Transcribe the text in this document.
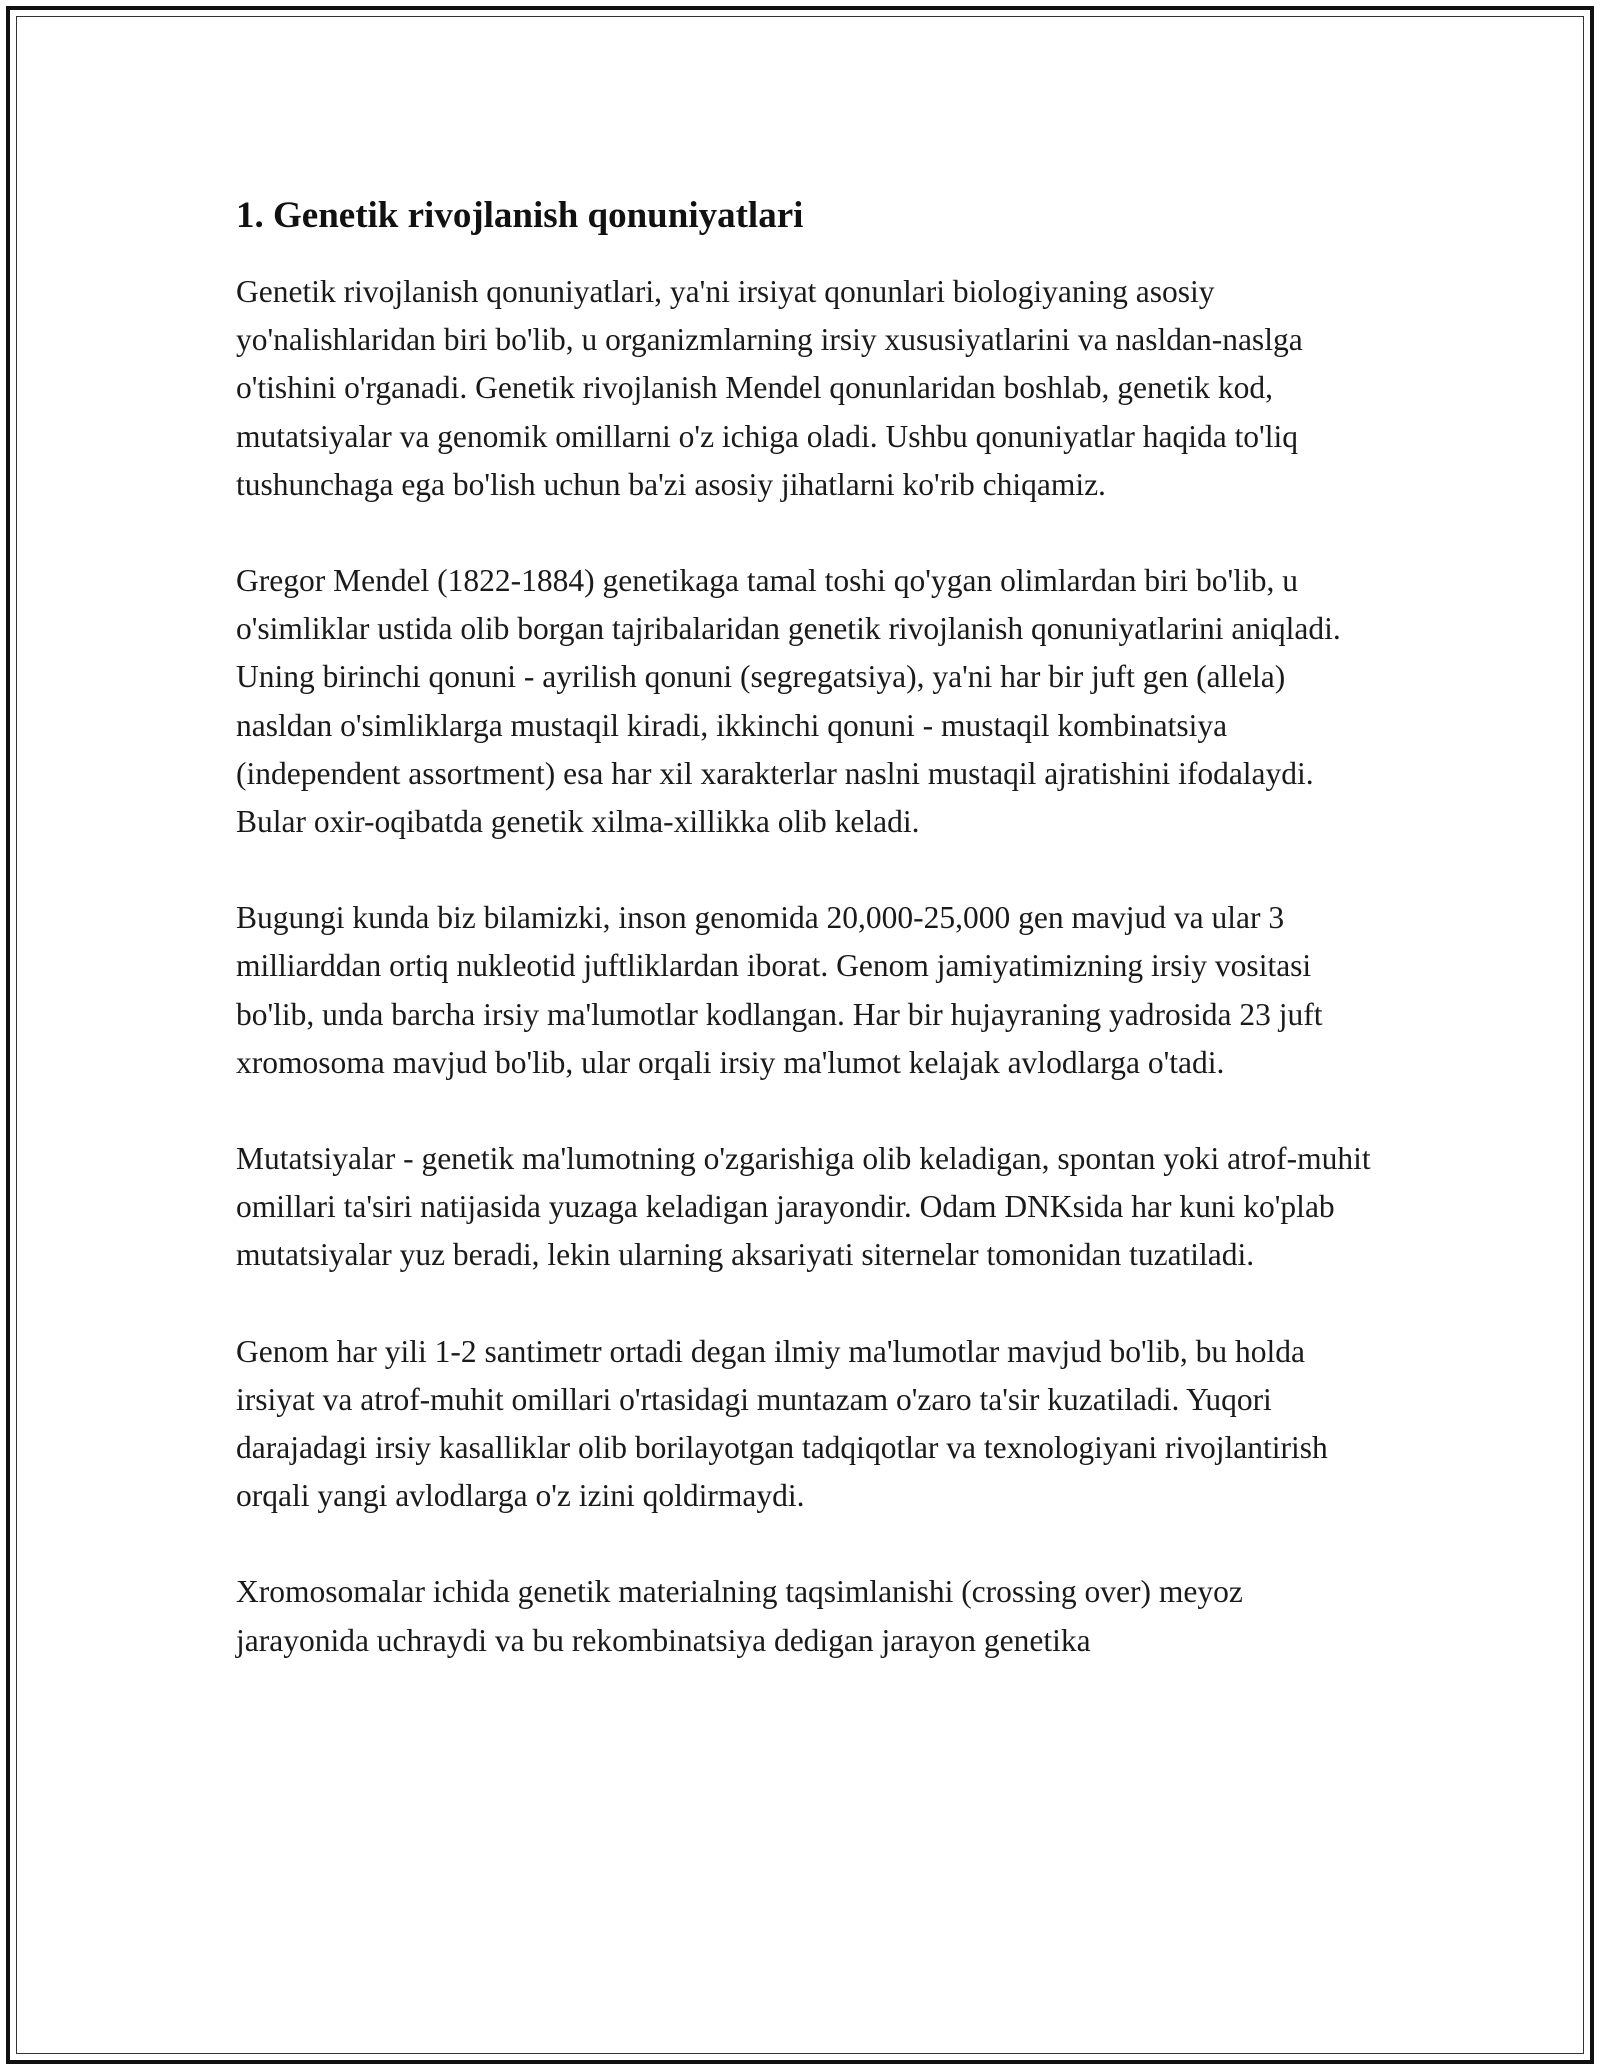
1. Genetik rivojlanish qonuniyatlari

Genetik rivojlanish qonuniyatlari, ya'ni irsiyat qonunlari biologiyaning asosiy yo'nalishlaridan biri bo'lib, u organizmlarning irsiy xususiyatlarini va nasldan-naslga o'tishini o'rganadi. Genetik rivojlanish Mendel qonunlaridan boshlab, genetik kod, mutatsiyalar va genomik omillarni o'z ichiga oladi. Ushbu qonuniyatlar haqida to'liq tushunchaga ega bo'lish uchun ba'zi asosiy jihatlarni ko'rib chiqamiz.

Gregor Mendel (1822-1884) genetikaga tamal toshi qo'ygan olimlardan biri bo'lib, u o'simliklar ustida olib borgan tajribalaridan genetik rivojlanish qonuniyatlarini aniqladi. Uning birinchi qonuni - ayrilish qonuni (segregatsiya), ya'ni har bir juft gen (allela) nasldan o'simliklarga mustaqil kiradi, ikkinchi qonuni - mustaqil kombinatsiya (independent assortment) esa har xil xarakterlar naslni mustaqil ajratishini ifodalaydi. Bular oxir-oqibatda genetik xilma-xillikka olib keladi.

Bugungi kunda biz bilamizki, inson genomida 20,000-25,000 gen mavjud va ular 3 milliarddan ortiq nukleotid juftliklardan iborat. Genom jamiyatimizning irsiy vositasi bo'lib, unda barcha irsiy ma'lumotlar kodlangan. Har bir hujayraning yadrosida 23 juft xromosoma mavjud bo'lib, ular orqali irsiy ma'lumot kelajak avlodlarga o'tadi.

Mutatsiyalar - genetik ma'lumotning o'zgarishiga olib keladigan, spontan yoki atrof-muhit omillari ta'siri natijasida yuzaga keladigan jarayondir. Odam DNKsida har kuni ko'plab mutatsiyalar yuz beradi, lekin ularning aksariyati siternelar tomonidan tuzatiladi.

Genom har yili 1-2 santimetr ortadi degan ilmiy ma'lumotlar mavjud bo'lib, bu holda irsiyat va atrof-muhit omillari o'rtasidagi muntazam o'zaro ta'sir kuzatiladi. Yuqori darajadagi irsiy kasalliklar olib borilayotgan tadqiqotlar va texnologiyani rivojlantirish orqali yangi avlodlarga o'z izini qoldirmaydi.

Xromosomalar ichida genetik materialning taqsimlanishi (crossing over) meyoz jarayonida uchraydi va bu rekombinatsiya dedigan jarayon genetika
